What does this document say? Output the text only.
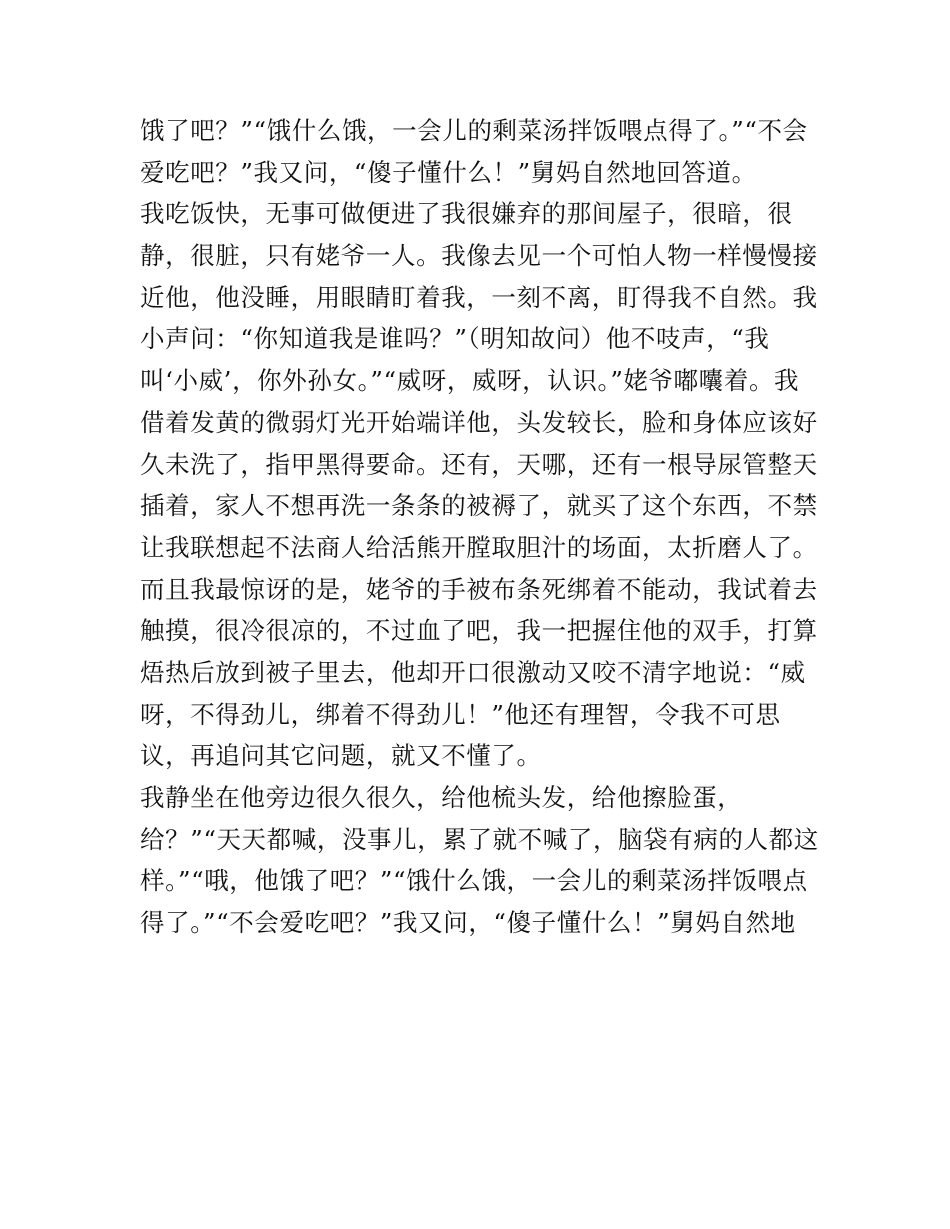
饿了吧？”“饿什么饿，一会儿的剩菜汤拌饭喂点得了。”“不会
爱吃吧？”我又问，“傻子懂什么！”舅妈自然地回答道。
我吃饭快，无事可做便进了我很嫌弃的那间屋子，很暗，很
静，很脏，只有姥爷一人。我像去见一个可怕人物一样慢慢接
近他，他没睡，用眼睛盯着我，一刻不离，盯得我不自然。我
小声问：“你知道我是谁吗？”（明知故问）他不吱声，“我
叫‘小威’，你外孙女。”“威呀，威呀，认识。”姥爷嘟囔着。我
借着发黄的微弱灯光开始端详他，头发较长，脸和身体应该好
久未洗了，指甲黑得要命。还有，天哪，还有一根导尿管整天
插着，家人不想再洗一条条的被褥了，就买了这个东西，不禁
让我联想起不法商人给活熊开膛取胆汁的场面，太折磨人了。
而且我最惊讶的是，姥爷的手被布条死绑着不能动，我试着去
触摸，很冷很凉的，不过血了吧，我一把握住他的双手，打算
焐热后放到被子里去，他却开口很激动又咬不清字地说：“威
呀，不得劲儿，绑着不得劲儿！”他还有理智，令我不可思
议，再追问其它问题，就又不懂了。
我静坐在他旁边很久很久，给他梳头发，给他擦脸蛋，
给？”“天天都喊，没事儿，累了就不喊了，脑袋有病的人都这
样。”“哦，他饿了吧？”“饿什么饿，一会儿的剩菜汤拌饭喂点
得了。”“不会爱吃吧？”我又问，“傻子懂什么！”舅妈自然地
